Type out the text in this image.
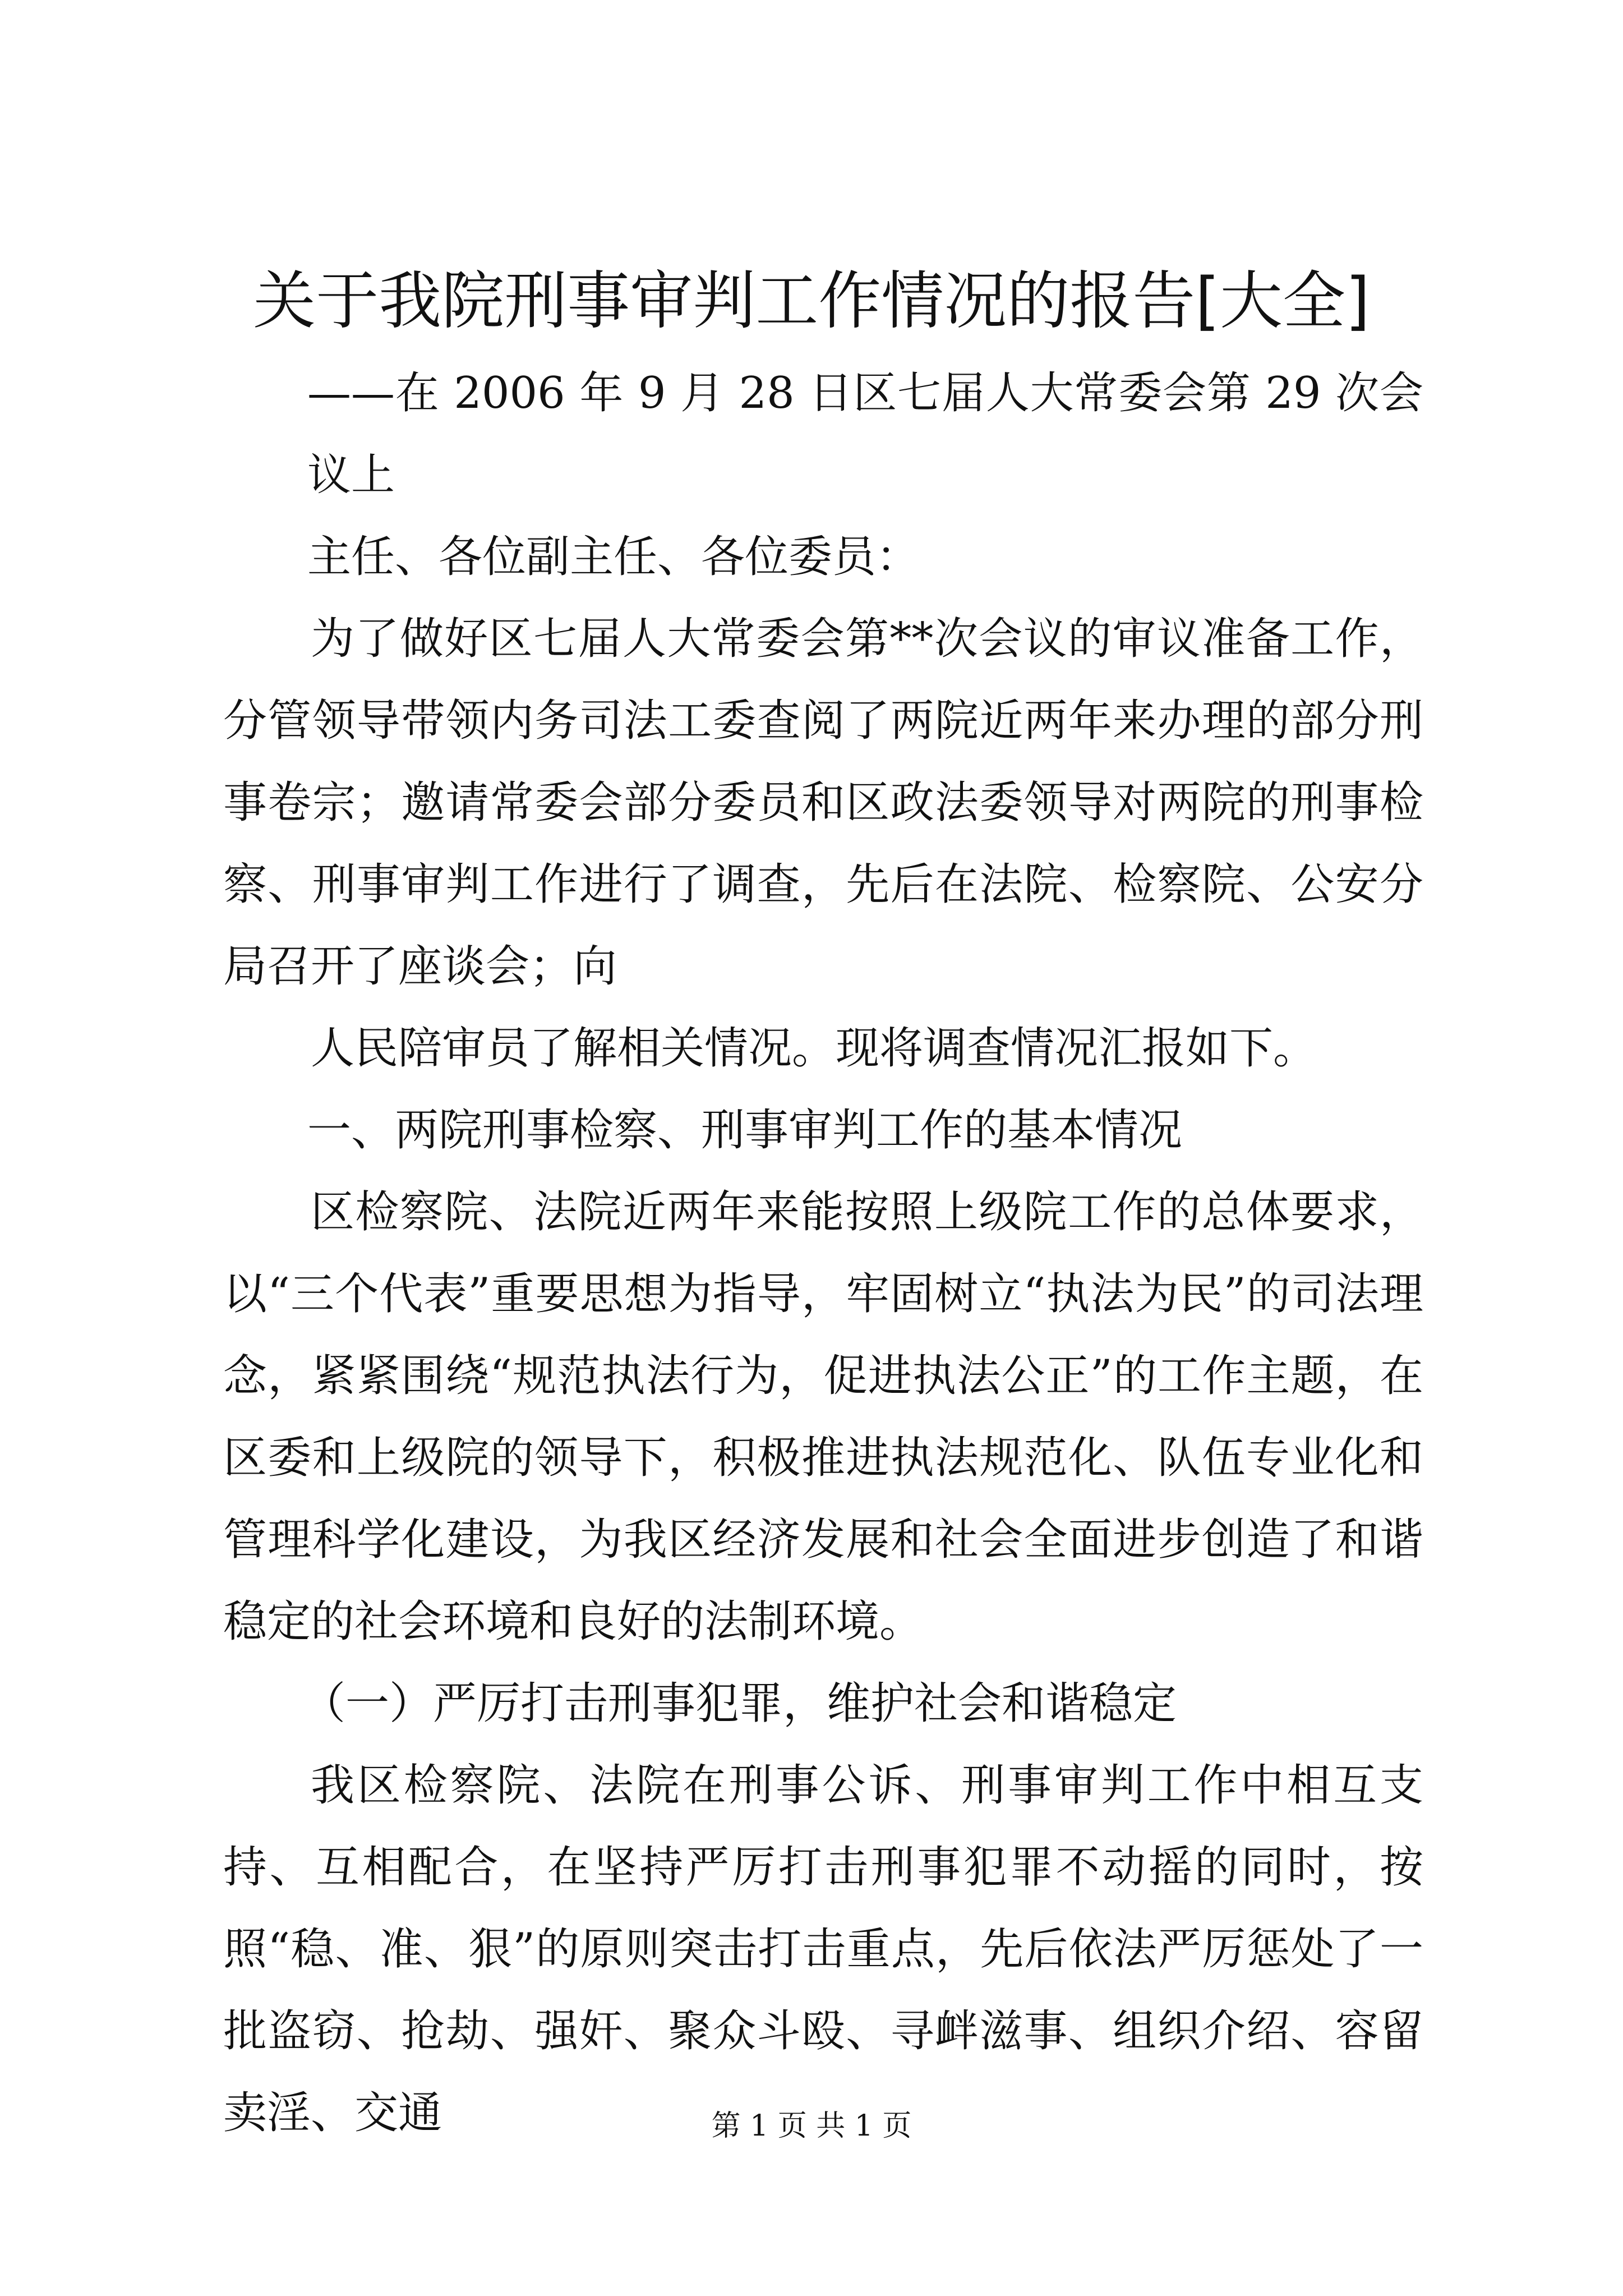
关于我院刑事审判工作情况的报告[大全]

——在 2006 年 9 月 28 日区七届人大常委会第 29 次会议上

主任、各位副主任、各位委员：

为了做好区七届人大常委会第**次会议的审议准备工作，分管领导带领内务司法工委查阅了两院近两年来办理的部分刑事卷宗；邀请常委会部分委员和区政法委领导对两院的刑事检察、刑事审判工作进行了调查，先后在法院、检察院、公安分局召开了座谈会；向

人民陪审员了解相关情况。现将调查情况汇报如下。

一、两院刑事检察、刑事审判工作的基本情况

区检察院、法院近两年来能按照上级院工作的总体要求，以“三个代表”重要思想为指导，牢固树立“执法为民”的司法理念，紧紧围绕“规范执法行为，促进执法公正”的工作主题，在区委和上级院的领导下，积极推进执法规范化、队伍专业化和管理科学化建设，为我区经济发展和社会全面进步创造了和谐稳定的社会环境和良好的法制环境。

（一）严厉打击刑事犯罪，维护社会和谐稳定

我区检察院、法院在刑事公诉、刑事审判工作中相互支持、互相配合，在坚持严厉打击刑事犯罪不动摇的同时，按照“稳、准、狠”的原则突击打击重点，先后依法严厉惩处了一批盗窃、抢劫、强奸、聚众斗殴、寻衅滋事、组织介绍、容留卖淫、交通	第 1 页 共 1 页
